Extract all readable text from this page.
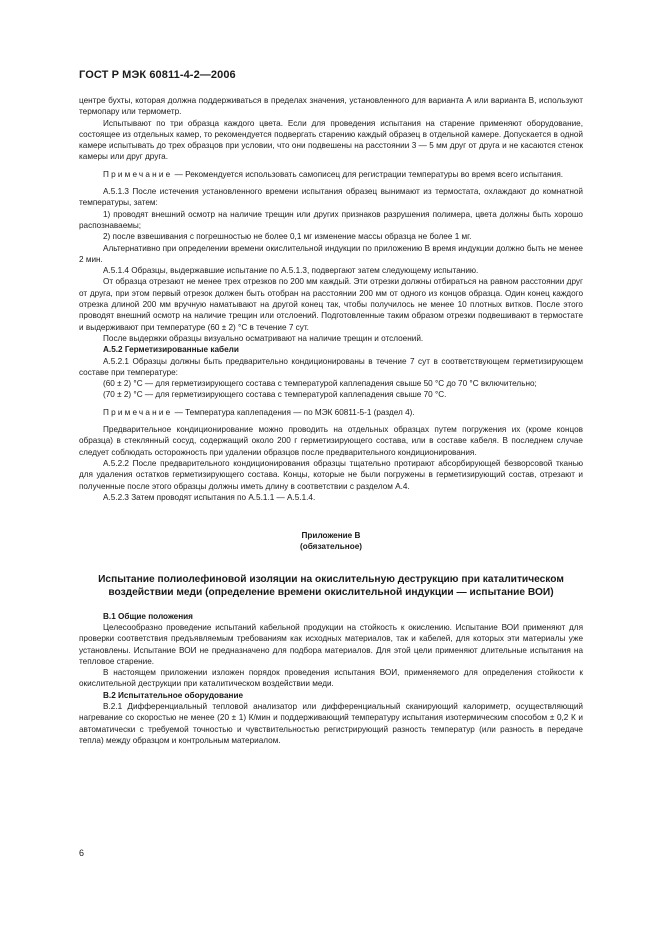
ГОСТ Р МЭК 60811-4-2—2006

центре бухты, которая должна поддерживаться в пределах значения, установленного для варианта А или варианта В, используют термопару или термометр.

Испытывают по три образца каждого цвета. Если для проведения испытания на старение применяют оборудование, состоящее из отдельных камер, то рекомендуется подвергать старению каждый образец в отдельной камере. Допускается в одной камере испытывать до трех образцов при условии, что они подвешены на расстоянии 3 — 5 мм друг от друга и не касаются стенок камеры или друг друга.

Примечание — Рекомендуется использовать самописец для регистрации температуры во время всего испытания.

А.5.1.3 После истечения установленного времени испытания образец вынимают из термостата, охлаждают до комнатной температуры, затем:

1) проводят внешний осмотр на наличие трещин или других признаков разрушения полимера, цвета должны быть хорошо распознаваемы;

2) после взвешивания с погрешностью не более 0,1 мг изменение массы образца не более 1 мг.

Альтернативно при определении времени окислительной индукции по приложению В время индукции должно быть не менее 2 мин.

А.5.1.4 Образцы, выдержавшие испытание по А.5.1.3, подвергают затем следующему испытанию.

От образца отрезают не менее трех отрезков по 200 мм каждый. Эти отрезки должны отбираться на равном расстоянии друг от друга, при этом первый отрезок должен быть отобран на расстоянии 200 мм от одного из концов образца. Один конец каждого отрезка длиной 200 мм вручную наматывают на другой конец так, чтобы получилось не менее 10 плотных витков. После этого проводят внешний осмотр на наличие трещин или отслоений. Подготовленные таким образом отрезки подвешивают в термостате и выдерживают при температуре (60 ± 2) °С в течение 7 сут.

После выдержки образцы визуально осматривают на наличие трещин и отслоений.

А.5.2 Герметизированные кабели

А.5.2.1 Образцы должны быть предварительно кондиционированы в течение 7 сут в соответствующем герметизирующем составе при температуре:

(60 ± 2) °С — для герметизирующего состава с температурой каплепадения свыше 50 °С до 70 °С включительно;

(70 ± 2) °С — для герметизирующего состава с температурой каплепадения свыше 70 °С.

Примечание — Температура каплепадения — по МЭК 60811-5-1 (раздел 4).

Предварительное кондиционирование можно проводить на отдельных образцах путем погружения их (кроме концов образца) в стеклянный сосуд, содержащий около 200 г герметизирующего состава, или в составе кабеля. В последнем случае следует соблюдать осторожность при удалении образцов после предварительного кондиционирования.

А.5.2.2 После предварительного кондиционирования образцы тщательно протирают абсорбирующей безворсовой тканью для удаления остатков герметизирующего состава. Концы, которые не были погружены в герметизирующий состав, отрезают и полученные после этого образцы должны иметь длину в соответствии с разделом А.4.

А.5.2.3 Затем проводят испытания по А.5.1.1 — А.5.1.4.

Приложение В

(обязательное)

Испытание полиолефиновой изоляции на окислительную деструкцию при каталитическом воздействии меди (определение времени окислительной индукции — испытание ВОИ)

В.1 Общие положения

Целесообразно проведение испытаний кабельной продукции на стойкость к окислению. Испытание ВОИ применяют для проверки соответствия предъявляемым требованиям как исходных материалов, так и кабелей, для которых эти материалы уже установлены. Испытание ВОИ не предназначено для подбора материалов. Для этой цели применяют длительные испытания на тепловое старение.

В настоящем приложении изложен порядок проведения испытания ВОИ, применяемого для определения стойкости к окислительной деструкции при каталитическом воздействии меди.

В.2 Испытательное оборудование

В.2.1 Дифференциальный тепловой анализатор или дифференциальный сканирующий калориметр, осуществляющий нагревание со скоростью не менее (20 ± 1) К/мин и поддерживающий температуру испытания изотермическим способом ± 0,2 К и автоматически с требуемой точностью и чувствительностью регистрирующий разность температур (или разность в передаче тепла) между образцом и контрольным материалом.

6
